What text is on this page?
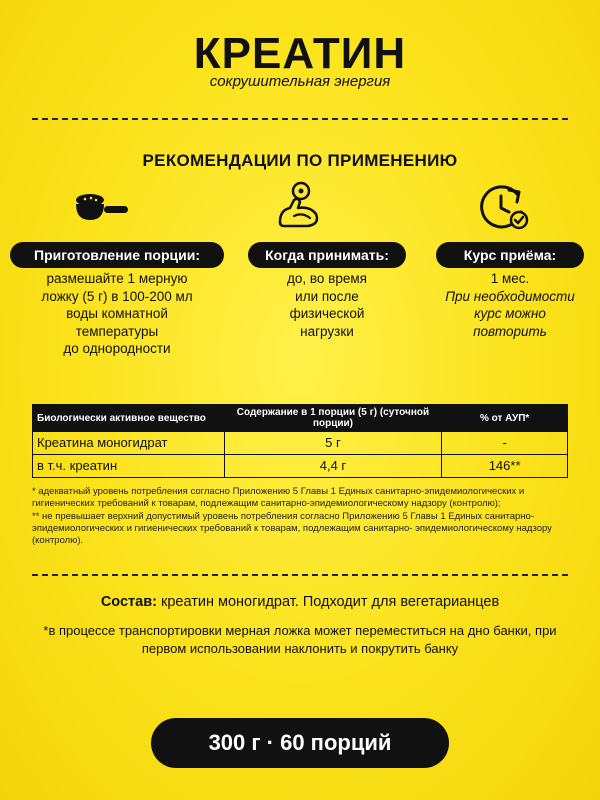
КРЕАТИН
сокрушительная энергия
РЕКОМЕНДАЦИИ ПО ПРИМЕНЕНИЮ
Приготовление порции:	Когда принимать:	Курс приёма:
размешайте 1 мерную
ложку (5 г) в 100-200 мл
воды комнатной
температуры
до однородности
до, во время
или после
физической
нагрузки
1 мес.
При необходимости
курс можно
повторить
Биологически активное вещество	Содержание в 1 порции (5 г) (суточной порции)	% от АУП*
Креатина моногидрат	5 г	-
в т.ч. креатин	4,4 г	146**
* адекватный уровень потребления согласно Приложению 5 Главы 1 Единых санитарно-эпидемиологических и гигиенических требований к товарам, подлежащим санитарно-эпидемиологическому надзору (контролю);
** не превышает верхний допустимый уровень потребления согласно Приложению 5 Главы 1 Единых санитарно-эпидемиологических и гигиенических требований к товарам, подлежащим санитарно- эпидемиологическому надзору (контролю).
Состав: креатин моногидрат. Подходит для вегетарианцев
*в процессе транспортировки мерная ложка может переместиться на дно банки, при первом использовании наклонить и покрутить банку
300 г · 60 порций
